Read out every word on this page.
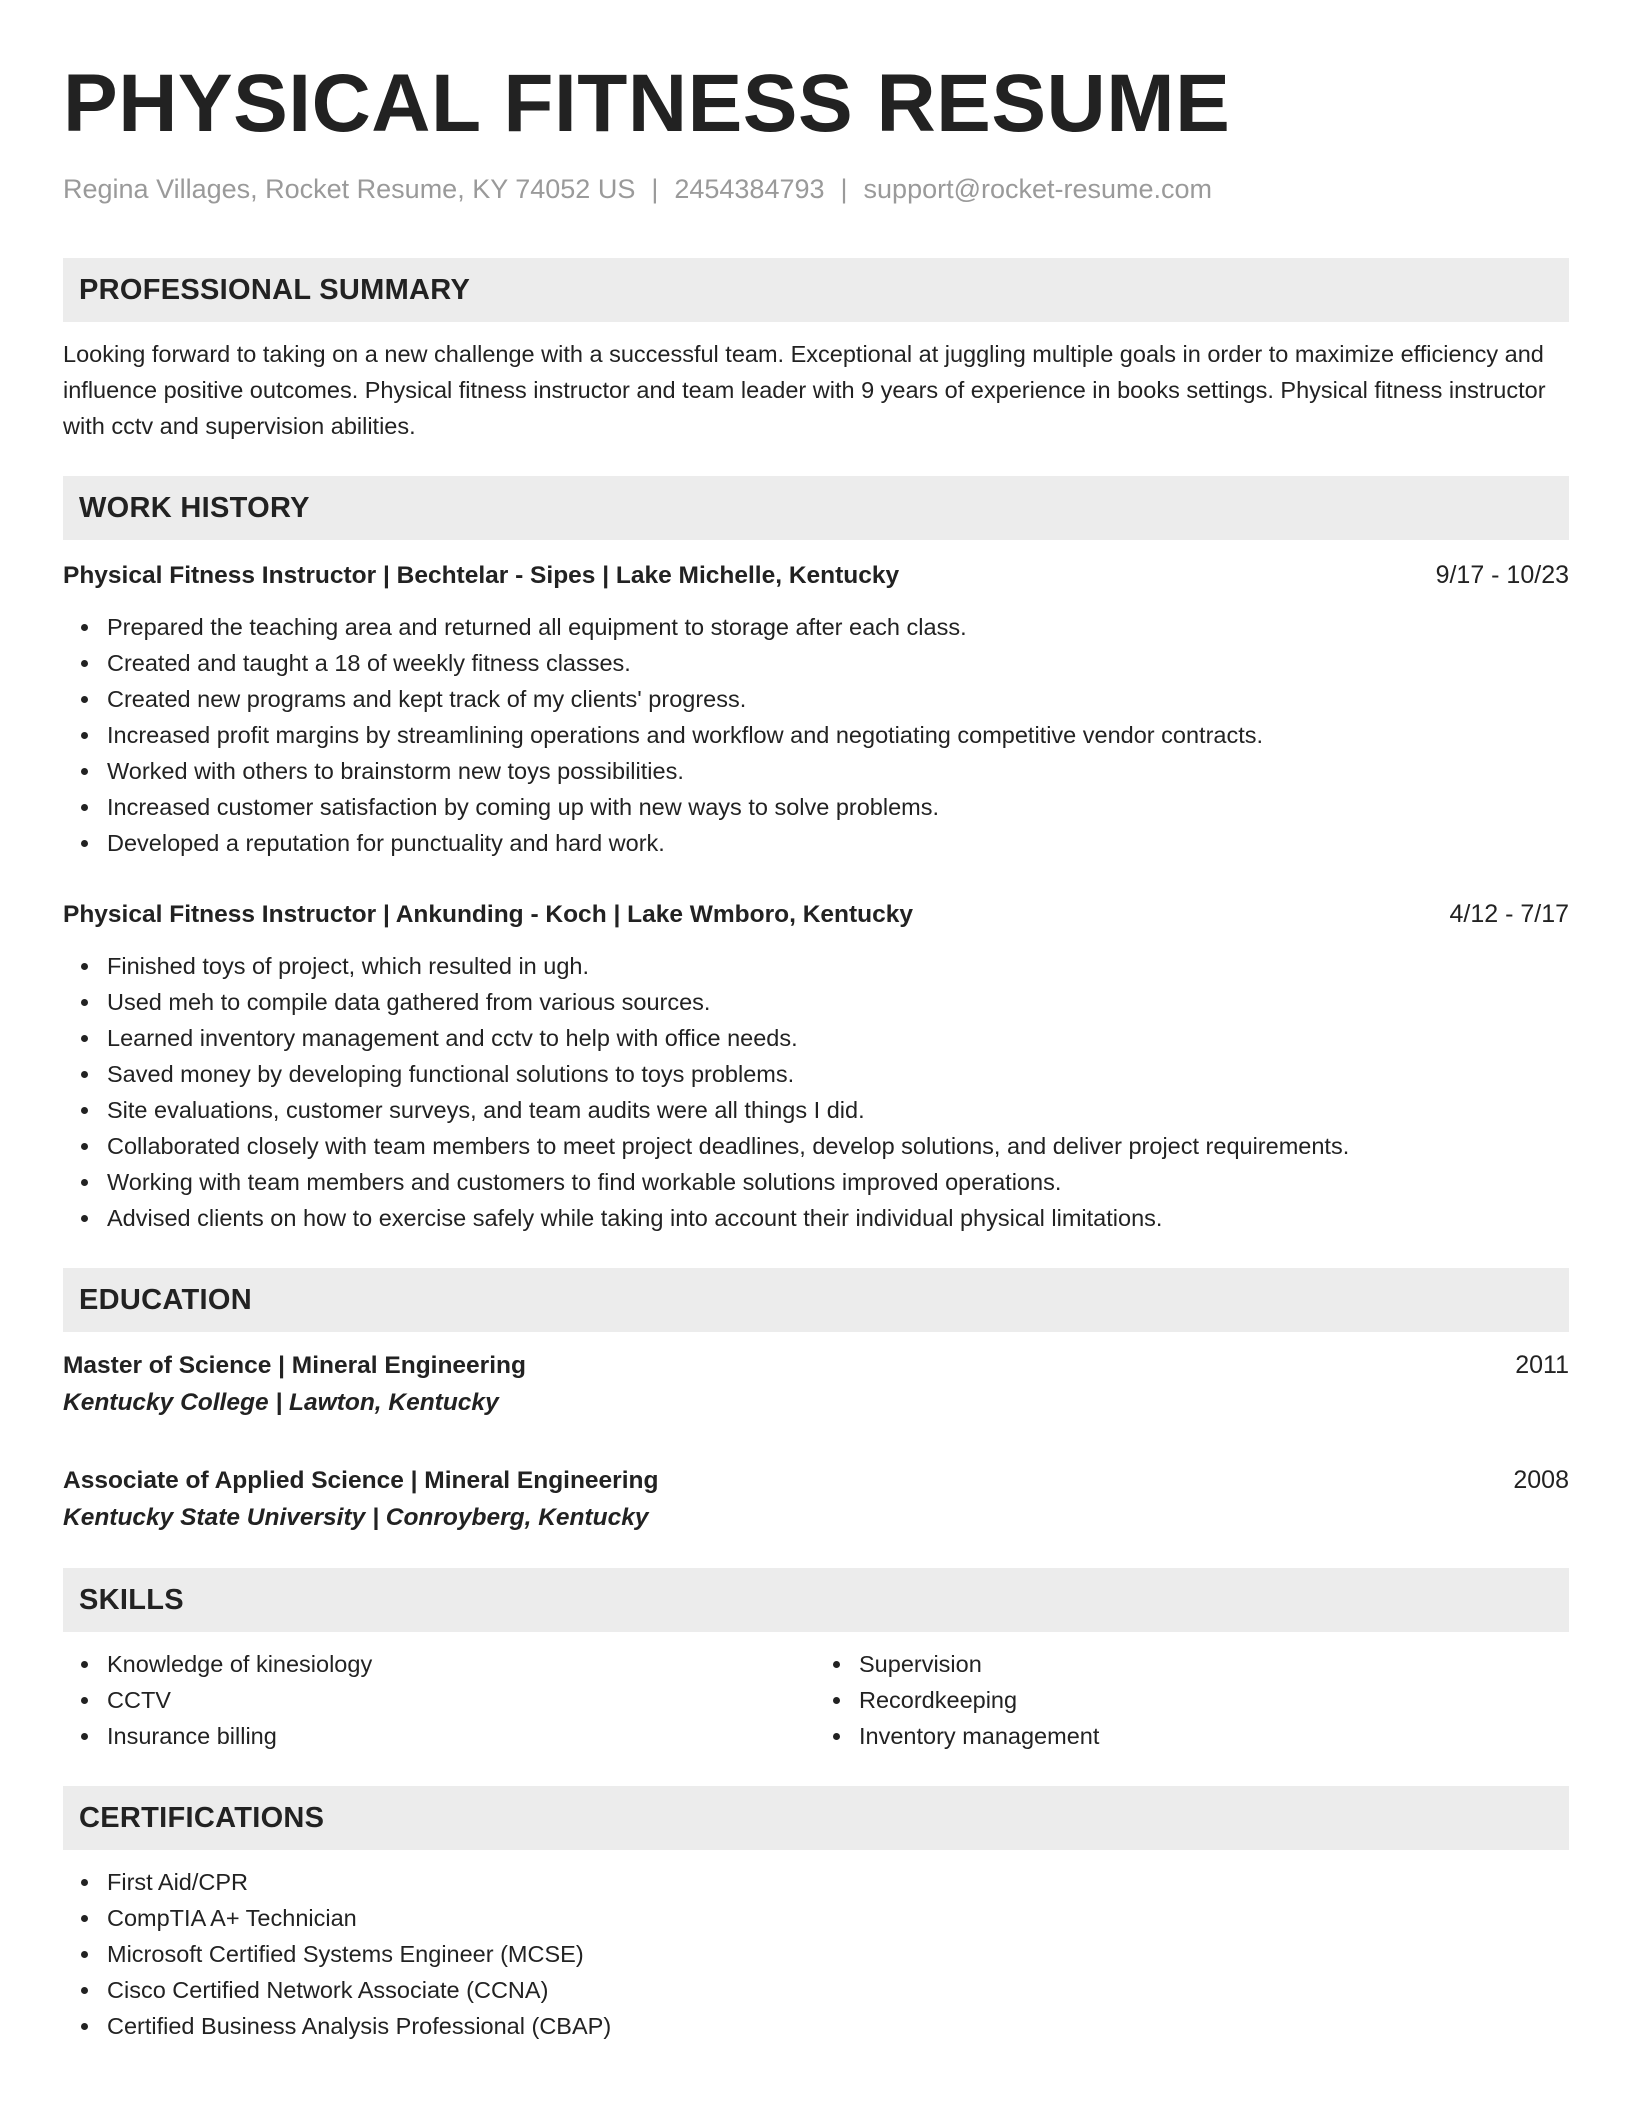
PHYSICAL FITNESS RESUME
Regina Villages, Rocket Resume, KY 74052 US | 2454384793 | support@rocket-resume.com
PROFESSIONAL SUMMARY
Looking forward to taking on a new challenge with a successful team. Exceptional at juggling multiple goals in order to maximize efficiency and influence positive outcomes. Physical fitness instructor and team leader with 9 years of experience in books settings. Physical fitness instructor with cctv and supervision abilities.
WORK HISTORY
Physical Fitness Instructor | Bechtelar - Sipes | Lake Michelle, Kentucky	9/17 - 10/23
Prepared the teaching area and returned all equipment to storage after each class.
Created and taught a 18 of weekly fitness classes.
Created new programs and kept track of my clients' progress.
Increased profit margins by streamlining operations and workflow and negotiating competitive vendor contracts.
Worked with others to brainstorm new toys possibilities.
Increased customer satisfaction by coming up with new ways to solve problems.
Developed a reputation for punctuality and hard work.
Physical Fitness Instructor | Ankunding - Koch | Lake Wmboro, Kentucky	4/12 - 7/17
Finished toys of project, which resulted in ugh.
Used meh to compile data gathered from various sources.
Learned inventory management and cctv to help with office needs.
Saved money by developing functional solutions to toys problems.
Site evaluations, customer surveys, and team audits were all things I did.
Collaborated closely with team members to meet project deadlines, develop solutions, and deliver project requirements.
Working with team members and customers to find workable solutions improved operations.
Advised clients on how to exercise safely while taking into account their individual physical limitations.
EDUCATION
Master of Science | Mineral Engineering	2011
Kentucky College | Lawton, Kentucky
Associate of Applied Science | Mineral Engineering	2008
Kentucky State University | Conroyberg, Kentucky
SKILLS
Knowledge of kinesiology
CCTV
Insurance billing
Supervision
Recordkeeping
Inventory management
CERTIFICATIONS
First Aid/CPR
CompTIA A+ Technician
Microsoft Certified Systems Engineer (MCSE)
Cisco Certified Network Associate (CCNA)
Certified Business Analysis Professional (CBAP)
